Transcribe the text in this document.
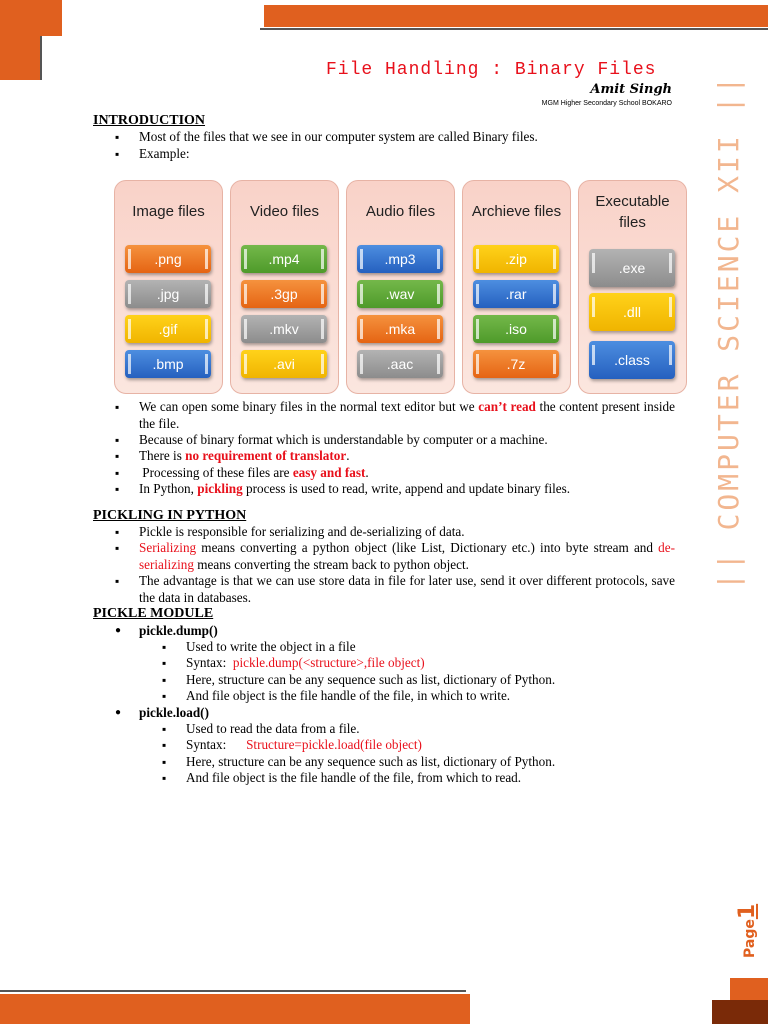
File Handling : Binary Files
Amit Singh
MGM Higher Secondary School BOKARO || COMPUTER SCIENCE XII ||
Page1
INTRODUCTION
▪ Most of the files that we see in our computer system are called Binary files.
▪ Example:
▪ We can open some binary files in the normal text editor but we can’t read the content present inside the file.
▪ Because of binary format which is understandable by computer or a machine.
▪ There is no requirement of translator.
▪ Processing of these files are easy and fast.
▪ In Python, pickling process is used to read, write, append and update binary files.
PICKLING IN PYTHON
▪ Pickle is responsible for serializing and de-serializing of data.
▪ Serializing means converting a python object (like List, Dictionary etc.) into byte stream and de-serializing means converting the stream back to python object.
▪ The advantage is that we can use store data in file for later use, send it over different protocols, save the data in databases.
PICKLE MODULE
● pickle.dump()
▪ Used to write the object in a file
▪ Syntax:  pickle.dump(<structure>,file object)
▪ Here, structure can be any sequence such as list, dictionary of Python.
▪ And file object is the file handle of the file, in which to write.
● pickle.load()
▪ Used to read the data from a file.
▪ Syntax: Structure=pickle.load(file object)
▪ Here, structure can be any sequence such as list, dictionary of Python.
▪ And file object is the file handle of the file, from which to read.
Image files
.png
.jpg
.gif
.bmp
Video files
.mp4
.3gp
.mkv
.avi
Audio files
.mp3
.wav
.mka
.aac
Archieve files
.zip
.rar
.iso
.7z
Executable files
.exe
.dll
.class
